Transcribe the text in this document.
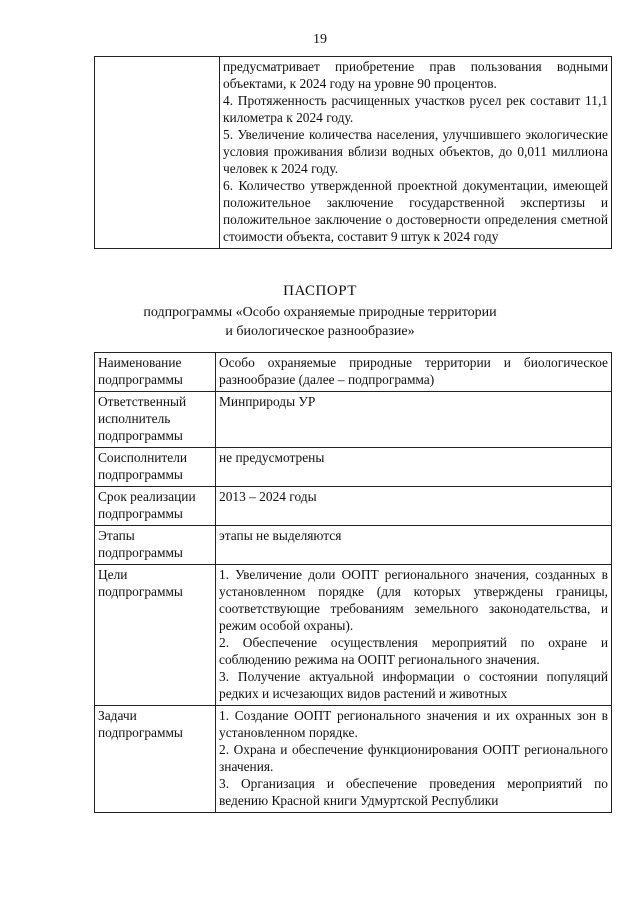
19

предусматривает приобретение прав пользования водными объектами, к 2024 году на уровне 90 процентов.

4. Протяженность расчищенных участков русел рек составит 11,1 километра к 2024 году.

5. Увеличение количества населения, улучшившего экологические условия проживания вблизи водных объектов, до 0,011 миллиона человек к 2024 году.

6. Количество утвержденной проектной документации, имеющей положительное заключение государственной экспертизы и положительное заключение о достоверности определения сметной стоимости объекта, составит 9 штук к 2024 году

ПАСПОРТ
подпрограммы «Особо охраняемые природные территории
и биологическое разнообразие»
Наименование подпрограммы	Особо охраняемые природные территории и биологическое разнообразие (далее – подпрограмма)

Ответственный исполнитель подпрограммы	Минприроды УР

Соисполнители подпрограммы	не предусмотрены

Срок реализации подпрограммы	2013 – 2024 годы

Этапы подпрограммы	этапы не выделяются

Цели подпрограммы	1. Увеличение доли ООПТ регионального значения, созданных в установленном порядке (для которых утверждены границы, соответствующие требованиям земельного законодательства, и режим особой охраны).

2. Обеспечение осуществления мероприятий по охране и соблюдению режима на ООПТ регионального значения.

3. Получение актуальной информации о состоянии популяций редких и исчезающих видов растений и животных

Задачи подпрограммы	1. Создание ООПТ регионального значения и их охранных зон в установленном порядке.

2. Охрана и обеспечение функционирования ООПТ регионального значения.

3. Организация и обеспечение проведения мероприятий по ведению Красной книги Удмуртской Республики
